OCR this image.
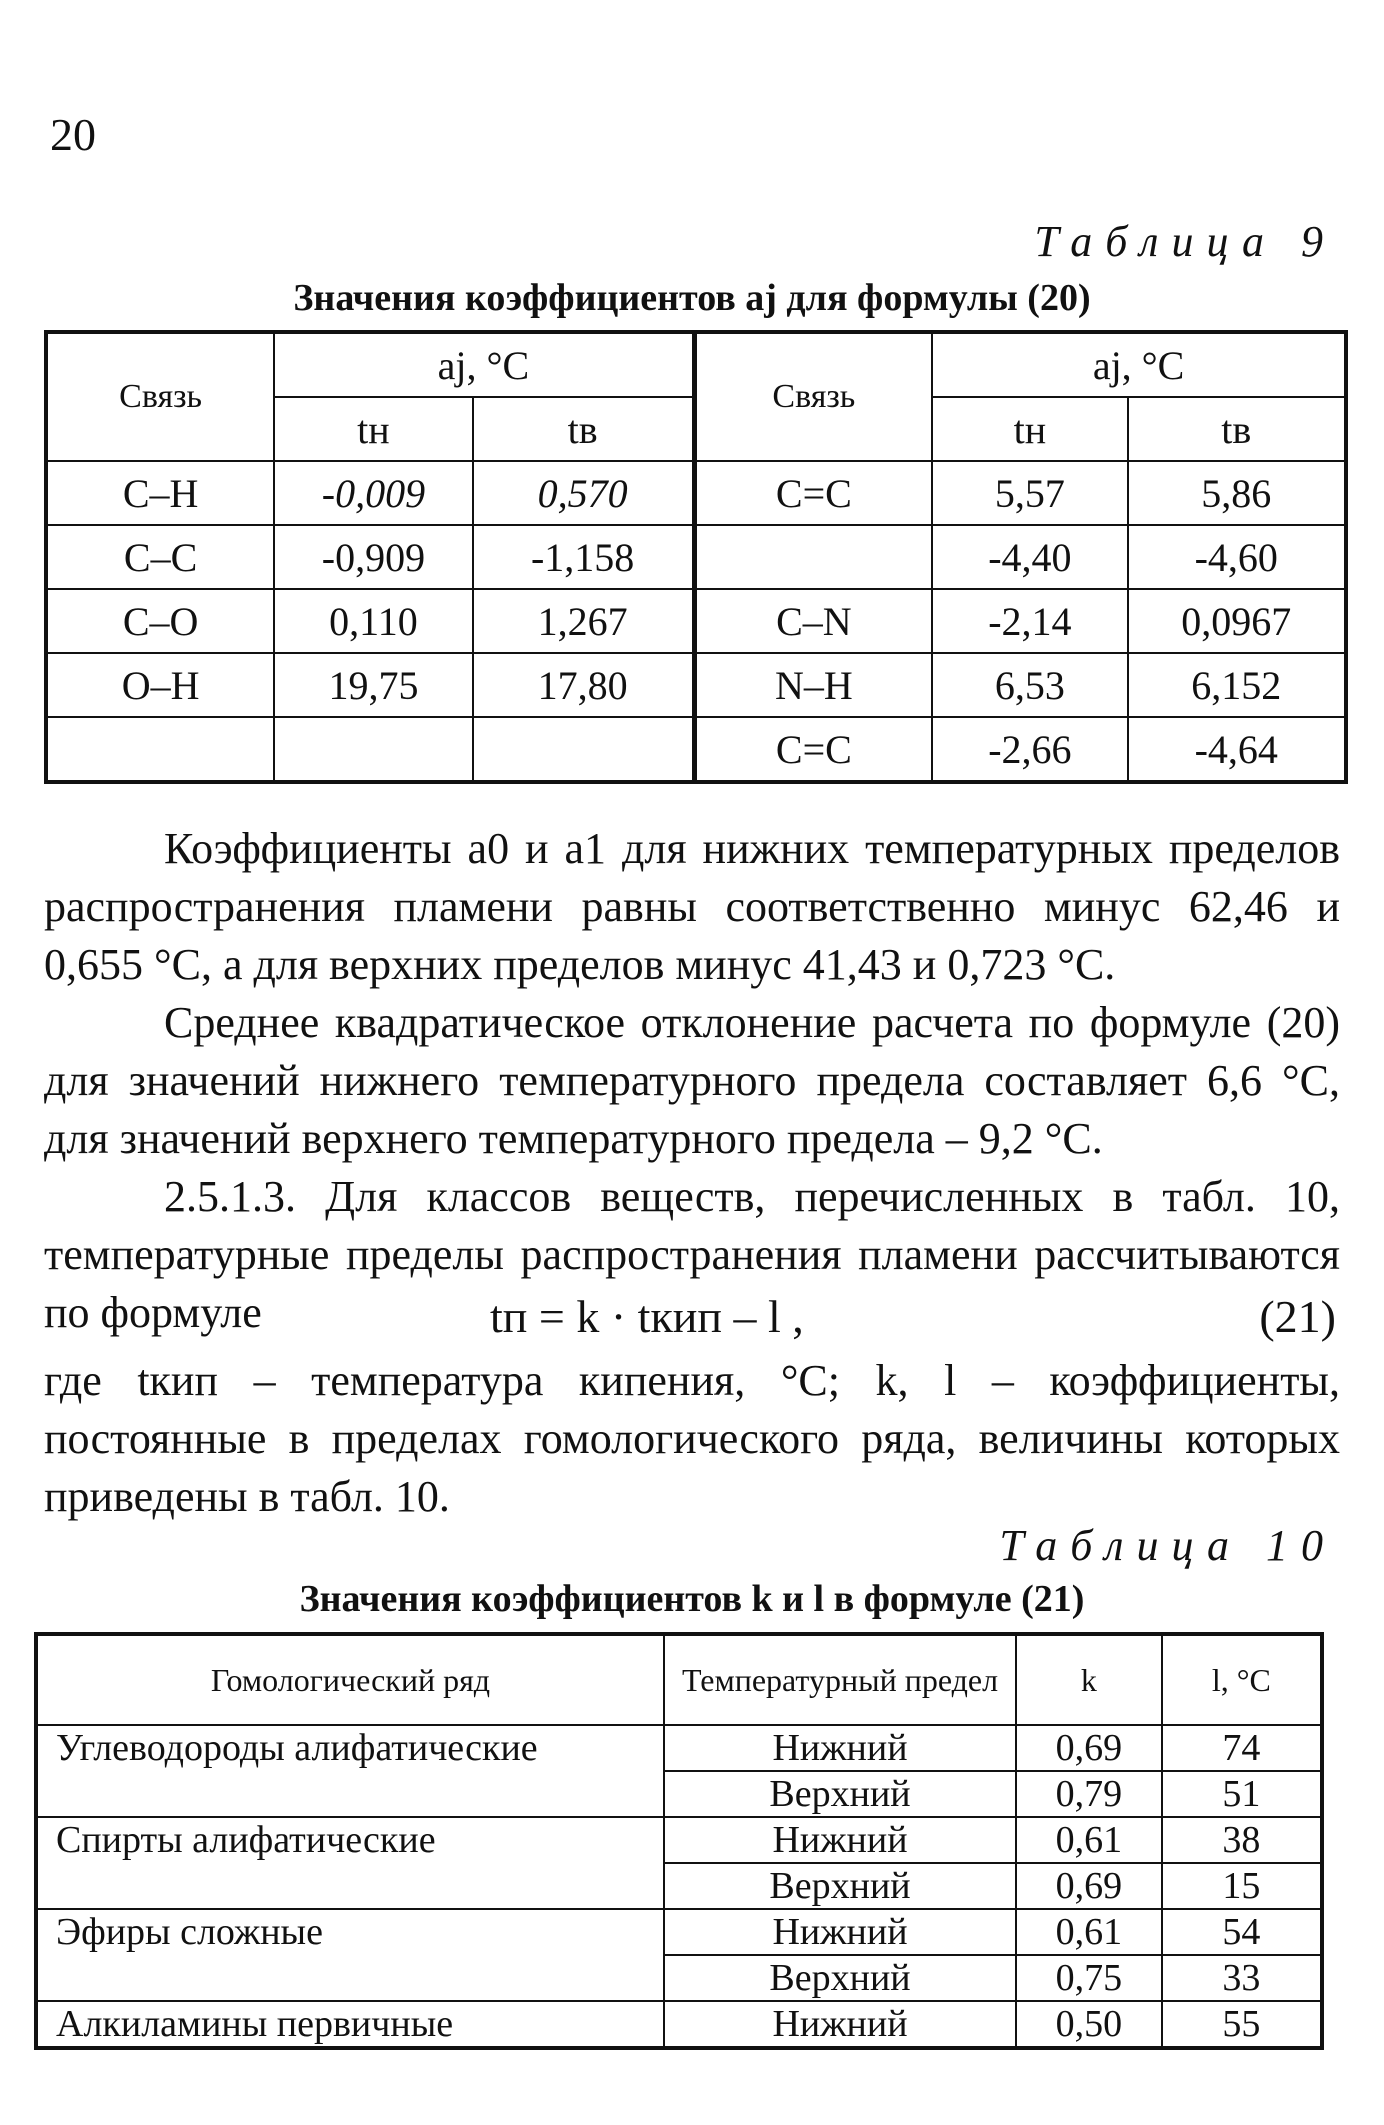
20
Таблица 9
Значения коэффициентов aj для формулы (20)
Связь	aj, °C		Связь	aj, °C	
	tн	tв		tн	tв
C–H	-0,009	0,570	C=C	5,57	5,86
C–C	-0,909	-1,158		-4,40	-4,60
C–O	0,110	1,267	C–N	-2,14	0,0967
O–H	19,75	17,80	N–H	6,53	6,152
			C=C	-2,66	-4,64

Коэффициенты a0 и a1 для нижних температурных пределов распространения пламени равны соответственно минус 62,46 и 0,655 °C, а для верхних пределов минус 41,43 и 0,723 °C.

Среднее квадратическое отклонение расчета по формуле (20) для значений нижнего температурного предела составляет 6,6 °C, для значений верхнего температурного предела – 9,2 °C.

2.5.1.3. Для классов веществ, перечисленных в табл. 10, температурные пределы распространения пламени рассчитываются по формуле	tп = k · tкип – l ,	(21)

где tкип – температура кипения, °C; k, l – коэффициенты, постоянные в пределах гомологического ряда, величины которых приведены в табл. 10.

Таблица 10
Значения коэффициентов k и l в формуле (21)
Гомологический ряд	Температурный предел	k	l, °C
Углеводороды алифатические	Нижний	0,69	74
	Верхний	0,79	51
Спирты алифатические	Нижний	0,61	38
	Верхний	0,69	15
Эфиры сложные	Нижний	0,61	54
	Верхний	0,75	33
Алкиламины первичные	Нижний	0,50	55
